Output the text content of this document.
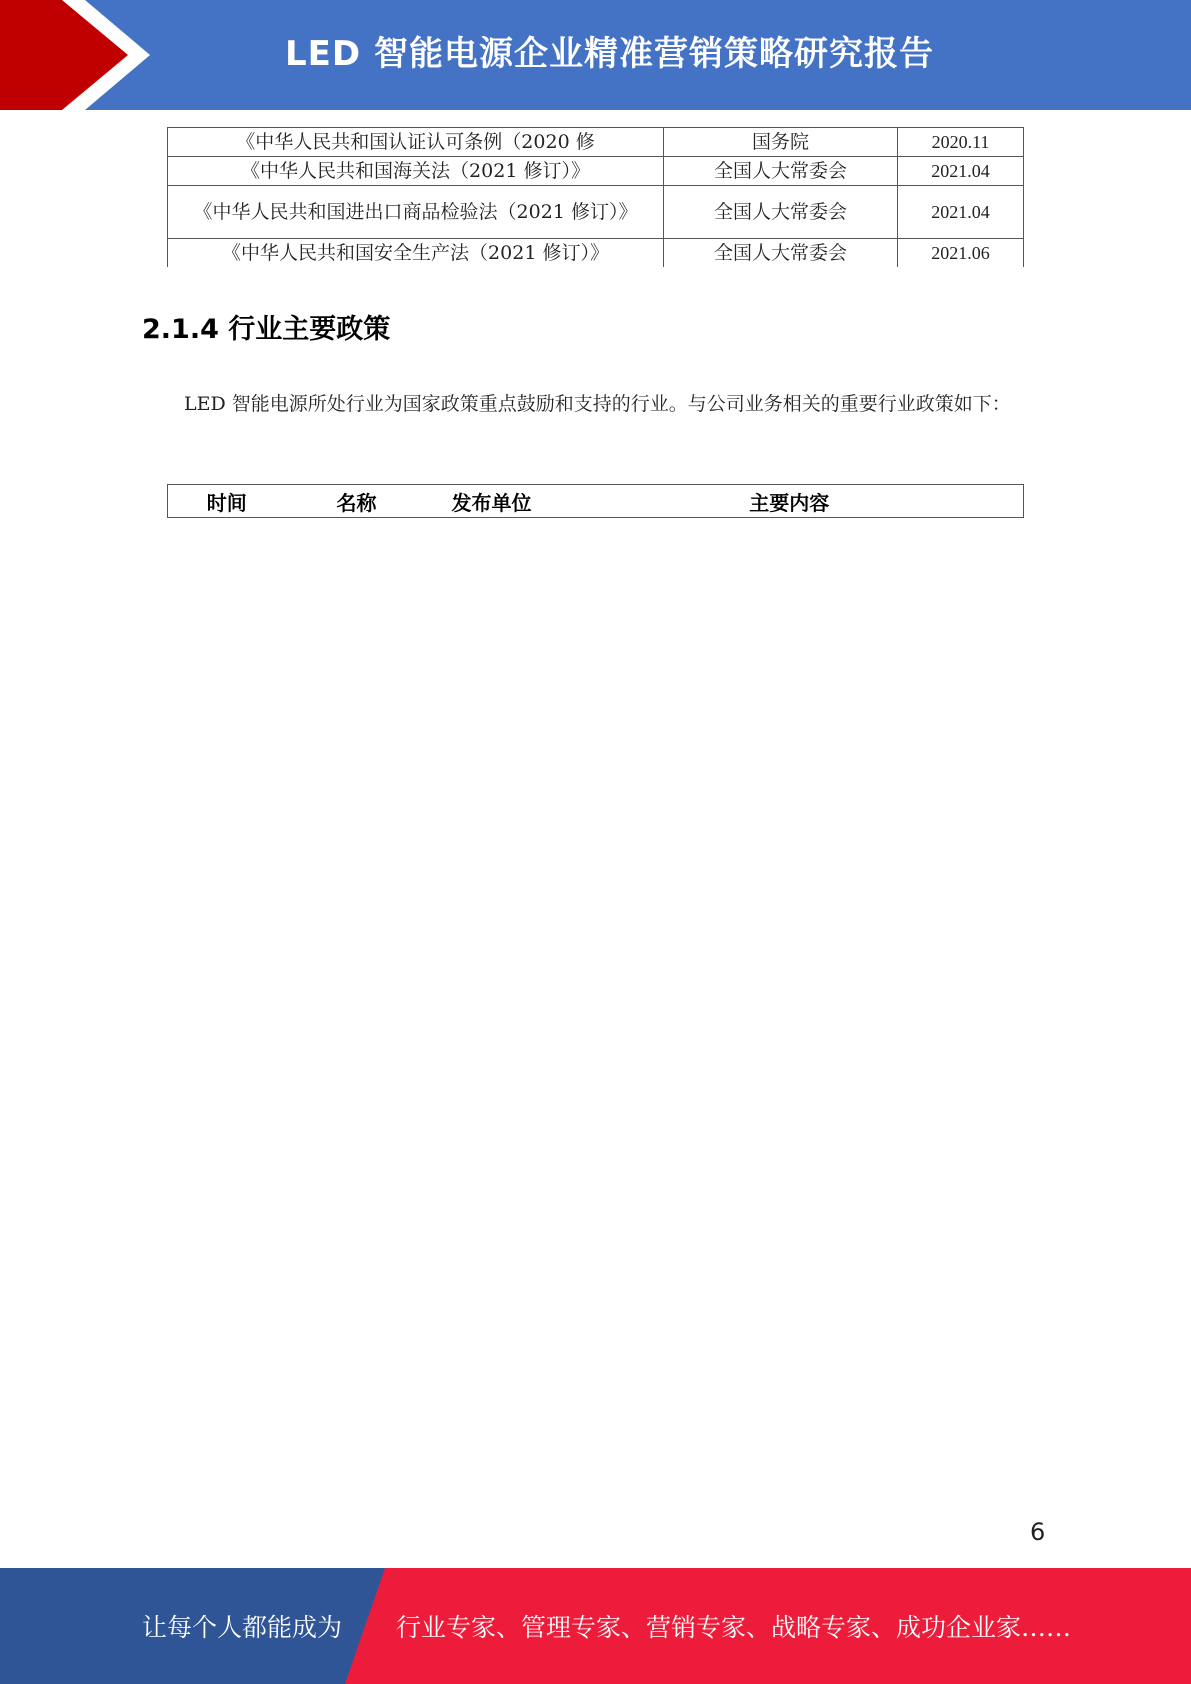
LED 智能电源企业精准营销策略研究报告
《中华人民共和国认证认可条例（2020 修	国务院	2020.11
《中华人民共和国海关法（2021 修订）》	全国人大常委会	2021.04
《中华人民共和国进出口商品检验法（2021 修订）》	全国人大常委会	2021.04
《中华人民共和国安全生产法（2021 修订）》	全国人大常委会	2021.06
2.1.4 行业主要政策
LED 智能电源所处行业为国家政策重点鼓励和支持的行业。与公司业务相关的重要行业政策如下：
时间	名称	发布单位	主要内容
6
让每个人都能成为 行业专家、管理专家、营销专家、战略专家、成功企业家……
